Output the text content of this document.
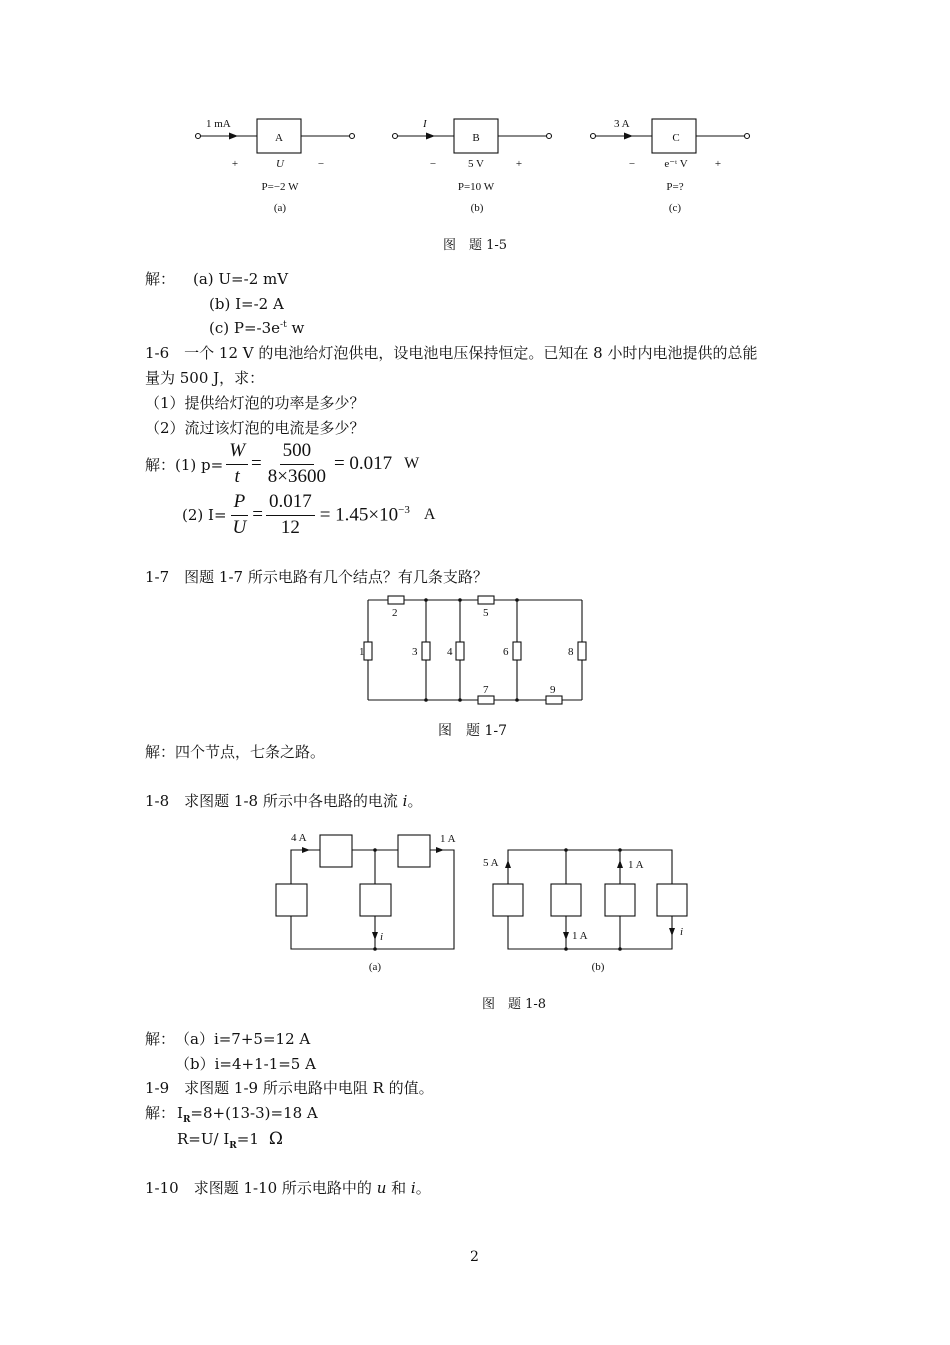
1 mA
A
+	U	−
P=−2 W
(a)
I
B
−	5 V	+
P=10 W
(b)
3 A
C
−	e⁻ᵗ V +
P=?
(c)
图　题 1-5
解： (a) U=-2 mV
(b) I=-2 A
(c) $P=-3e^{-t}$ w
1-6　一个 12 V 的电池给灯泡供电，设电池电压保持恒定。已知在 8 小时内电池提供的总能
量为 500 J，求：
（1）提供给灯泡的功率是多少？
（2）流过该灯泡的电流是多少？
解：(1) $p= \frac{W}{t} = \frac{500}{8\times 3600} = 0.017$ W
(2) $I= \frac{P}{U} = \frac{0.017}{12} = 1.45\times 10^{-3}$ A
1-7　图题 1-7 所示电路有几个结点？有几条支路？
1
2
3	4
5
6
7
8
9
图　题 1-7
解：四个节点，七条之路。
1-8　求图题 1-8 所示中各电路的电流 i。
4 A	1 A
i
(a)
5 A
1 A
1 A
i
(b)
图　题 1-8
解： （a）i=7+5=12 A
（b）i=4+1-1=5 A
1-9　求图题 1-9 所示电路中电阻 R 的值。
解： $I_R=8+(13-3)=18$ A
R=U/ $I_R=1$ Ω
1-10　求图题 1-10 所示电路中的 u 和 i。
2
